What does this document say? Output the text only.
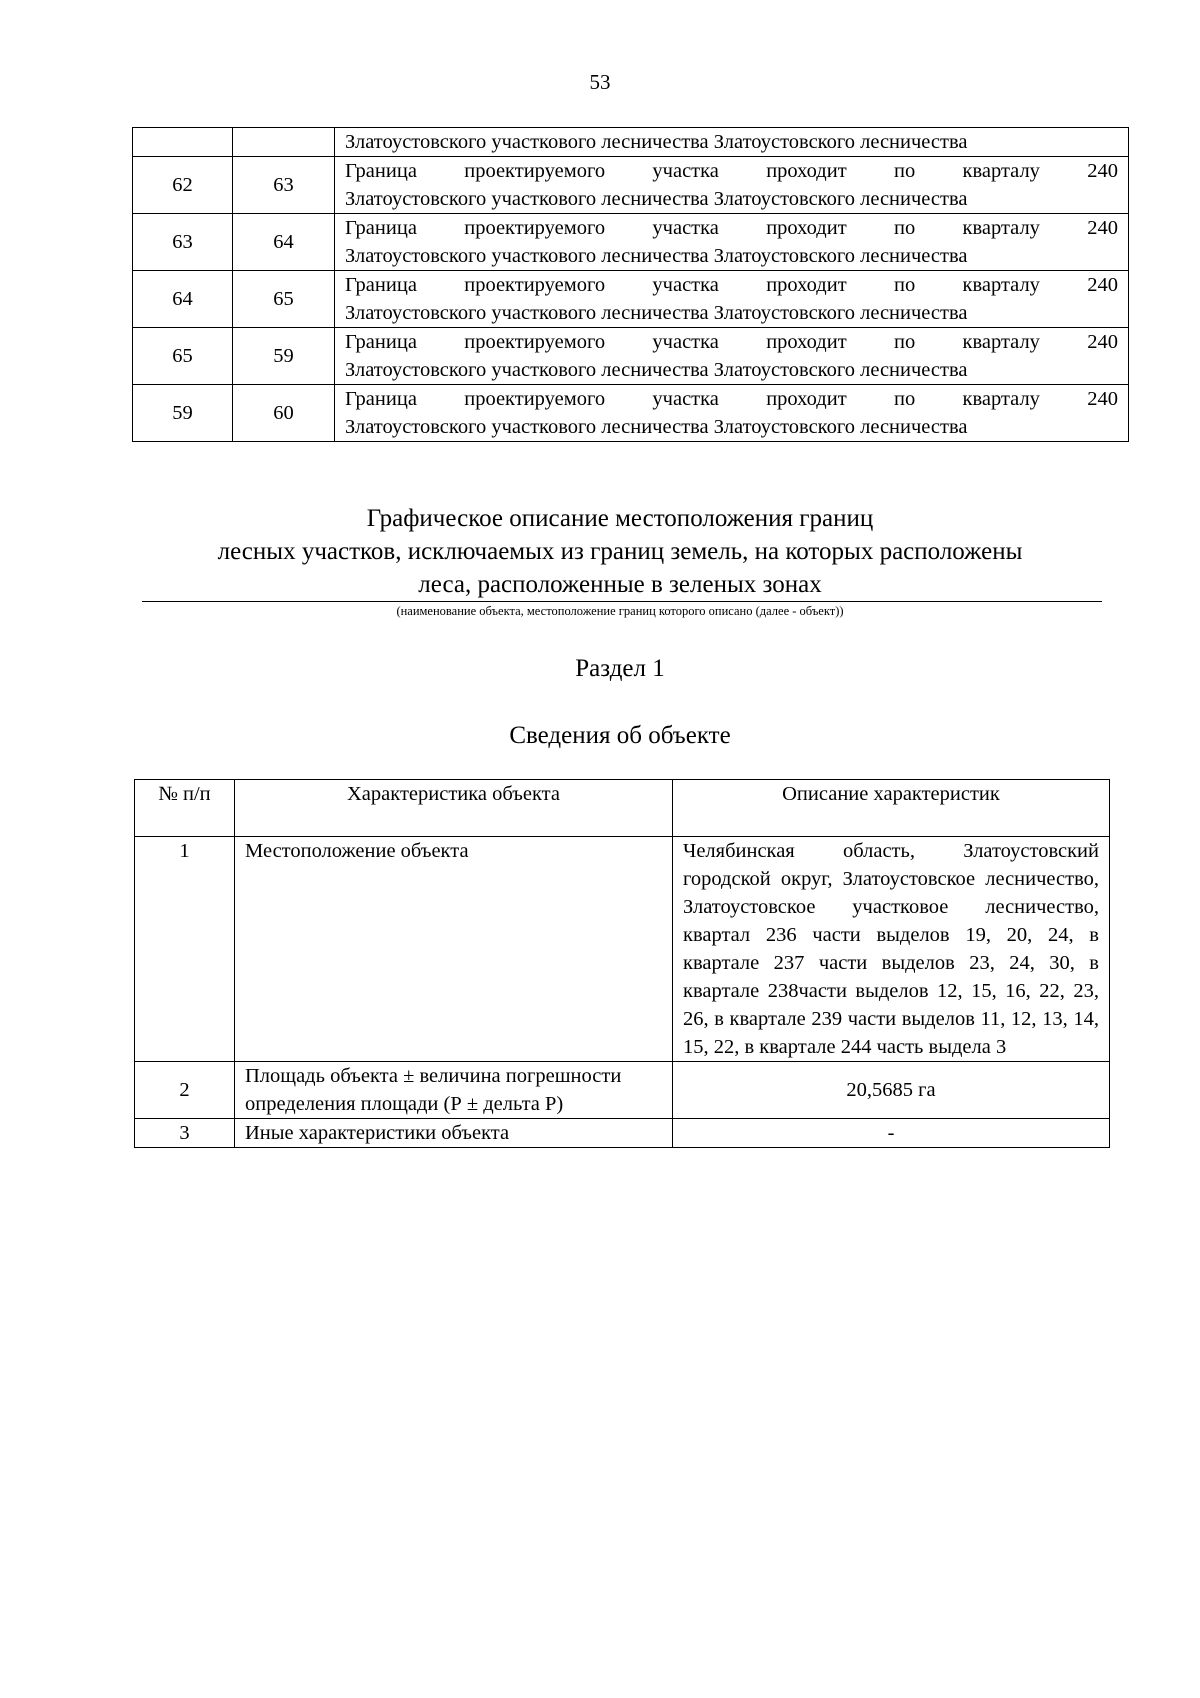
53

		Златоустовского участкового лесничества Златоустовского лесничества

62	63	Граница проектируемого участка проходит по кварталу 240
Златоустовского участкового лесничества Златоустовского лесничества

63	64	Граница проектируемого участка проходит по кварталу 240
Златоустовского участкового лесничества Златоустовского лесничества

64	65	Граница проектируемого участка проходит по кварталу 240
Златоустовского участкового лесничества Златоустовского лесничества

65	59	Граница проектируемого участка проходит по кварталу 240
Златоустовского участкового лесничества Златоустовского лесничества

59	60	Граница проектируемого участка проходит по кварталу 240
Златоустовского участкового лесничества Златоустовского лесничества
Графическое описание местоположения границ
лесных участков, исключаемых из границ земель, на которых расположены
леса, расположенные в зеленых зонах
(наименование объекта, местоположение границ которого описано (далее - объект))
Раздел 1
Сведения об объекте
№ п/п	Характеристика объекта	Описание характеристик
1	Местоположение объекта	Челябинская область, Златоустовский городской округ, Златоустовское лесничество, Златоустовское участковое лесничество, квартал 236 части выделов 19, 20, 24, в квартале 237 части выделов 23, 24, 30, в квартале 238части выделов 12, 15, 16, 22, 23, 26, в квартале 239 части выделов 11, 12, 13, 14, 15, 22, в квартале 244 часть выдела 3
2	Площадь объекта ± величина погрешности определения площади (Р ± дельта Р)	20,5685 га
3	Иные характеристики объекта	-
